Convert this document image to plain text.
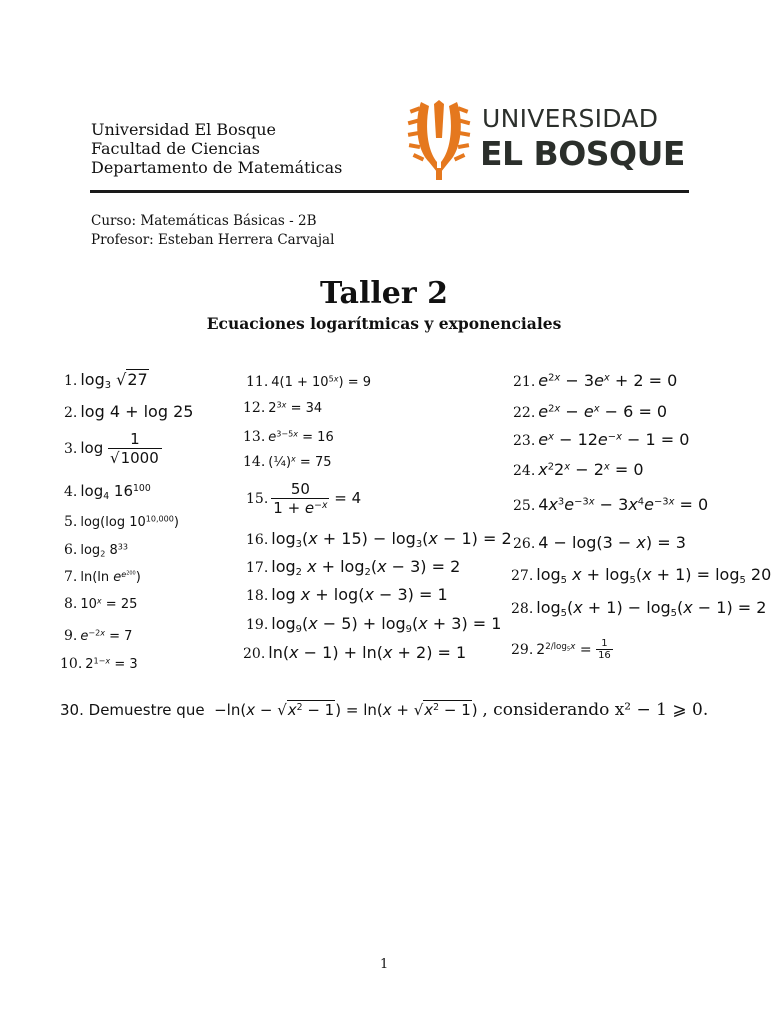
Universidad El Bosque
Facultad de Ciencias
Departamento de Matemáticas
UNIVERSIDAD
EL BOSQUE
Curso: Matemáticas Básicas - 2B
Profesor: Esteban Herrera Carvajal
Taller 2
Ecuaciones logarítmicas y exponenciales
1. $\log_3 √27$
2. log 4 + log 25
3. $\log \frac{1}{√1000}$
4. $\log_4 16^{100}$
5. log(log 10$^{10,000}$)
6. $\log_2 8^{33}$
7. ln(ln $e^{e^{200}}$)
8. $10^x = 25$
9. $e^{-2x} = 7$
10. $2^{1-x} = 3$
11. $4(1 + 10^{5x}) = 9$
12. $2^{3x} = 34$
13. $e^{3-5x} = 16$
14. (¼)$^x$ = 75
15. $\frac{50}{1 + e^{-x}} = 4$
16. $\log_3(x + 15) - \log_3(x - 1) = 2$
17. $\log_2 x + \log_2(x - 3) = 2$
18. log x + log(x − 3) = 1
19. $\log_9(x - 5) + \log_9(x + 3) = 1$
20. ln(x − 1) + ln(x + 2) = 1
21. $e^{2x} - 3e^x + 2 = 0$
22. $e^{2x} - e^x - 6 = 0$
23. $e^x - 12e^{-x} - 1 = 0$
24. $x^22^x - 2^x = 0$
25. $4x^3e^{-3x} - 3x^4e^{-3x} = 0$
26. 4 − log(3 − x) = 3
27. $\log_5 x + \log_5(x + 1) = \log_5 20$
28. $\log_5(x + 1) - \log_5(x - 1) = 2$
29. $2^{2/log_5x} = \frac{1}{16}$
30. Demuestre que  $-\ln(x - √x^2 - 1) = \ln(x + √x^2 - 1)$ , considerando x² − 1 ⩾ 0.
1
